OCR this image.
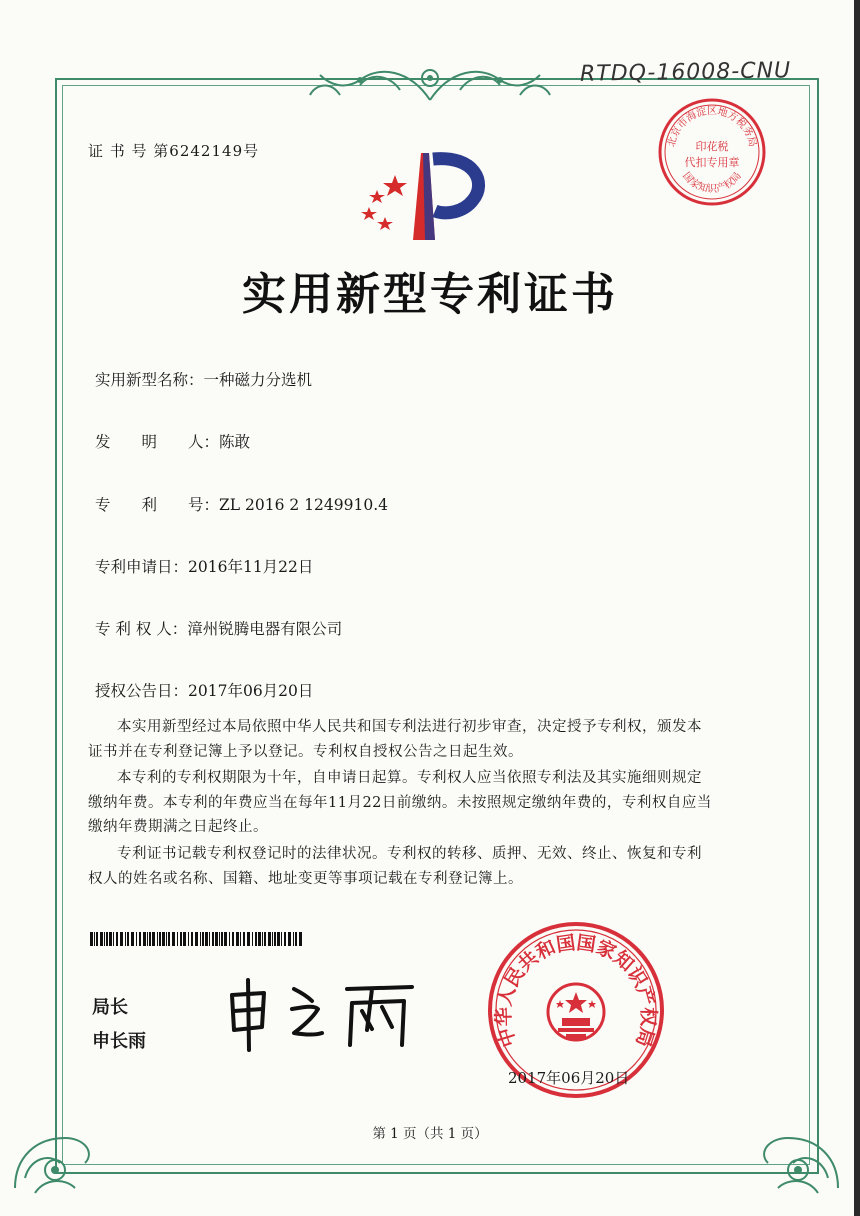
RTDQ-16008-CNU
北京市海淀区地方税务局
印花税
代扣专用章
国家知识产权局
证 书 号 第6242149号
实用新型专利证书
实用新型名称：一种磁力分选机
发　　明　　人：陈敢
专　　利　　号：ZL 2016 2 1249910.4
专利申请日：2016年11月22日
专 利 权 人：漳州锐腾电器有限公司
授权公告日：2017年06月20日
本实用新型经过本局依照中华人民共和国专利法进行初步审查，决定授予专利权，颁发本证书并在专利登记簿上予以登记。专利权自授权公告之日起生效。
本专利的专利权期限为十年，自申请日起算。专利权人应当依照专利法及其实施细则规定缴纳年费。本专利的年费应当在每年11月22日前缴纳。未按照规定缴纳年费的，专利权自应当缴纳年费期满之日起终止。
专利证书记载专利权登记时的法律状况。专利权的转移、质押、无效、终止、恢复和专利权人的姓名或名称、国籍、地址变更等事项记载在专利登记簿上。
局长
申长雨	中华人民共和国国家知识产权局
2017年06月20日
第 1 页（共 1 页）
